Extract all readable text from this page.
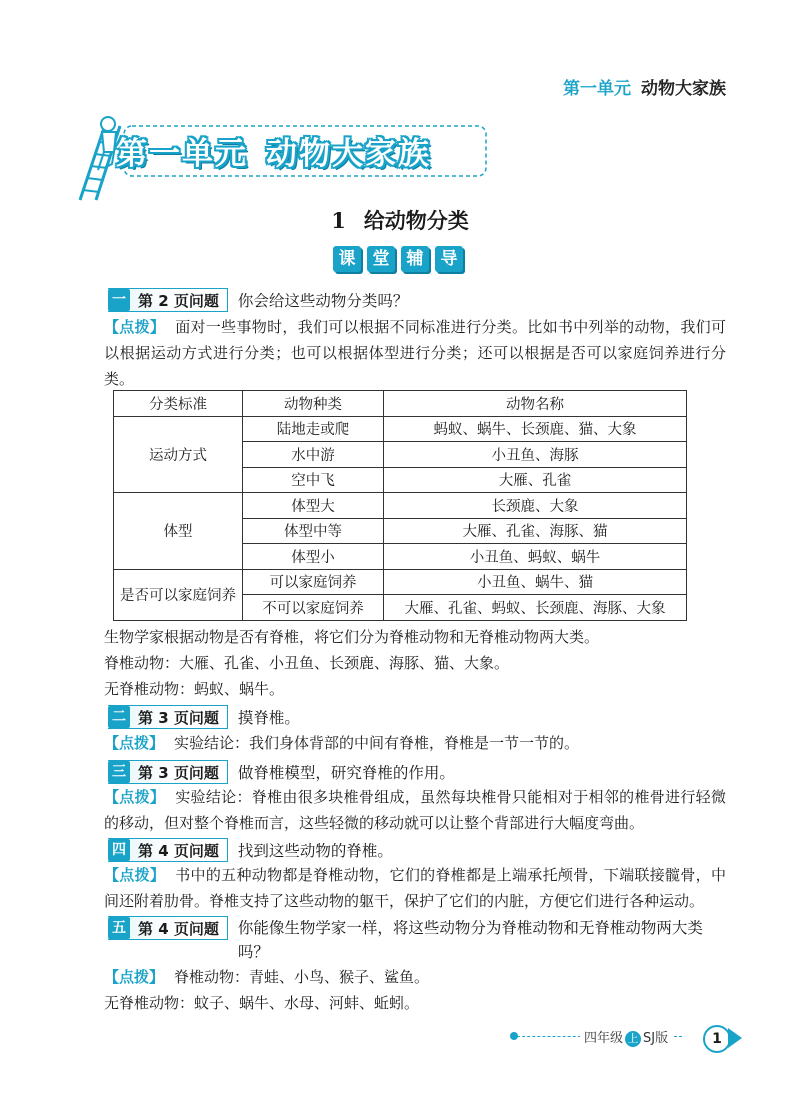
第一单元 动物大家族
第一单元 动物大家族
1 给动物分类
课	堂	辅	导
一 第 2 页问题 你会给这些动物分类吗？
【点拨】 面对一些事物时，我们可以根据不同标准进行分类。比如书中列举的动物，我们可以根据运动方式进行分类；也可以根据体型进行分类；还可以根据是否可以家庭饲养进行分类。
分类标准	动物种类	动物名称
运动方式	陆地走或爬	蚂蚁、蜗牛、长颈鹿、猫、大象
	水中游	小丑鱼、海豚
	空中飞	大雁、孔雀
体型	体型大	长颈鹿、大象
	体型中等	大雁、孔雀、海豚、猫
	体型小	小丑鱼、蚂蚁、蜗牛
是否可以家庭饲养	可以家庭饲养	小丑鱼、蜗牛、猫
	不可以家庭饲养	大雁、孔雀、蚂蚁、长颈鹿、海豚、大象
生物学家根据动物是否有脊椎，将它们分为脊椎动物和无脊椎动物两大类。
脊椎动物：大雁、孔雀、小丑鱼、长颈鹿、海豚、猫、大象。
无脊椎动物：蚂蚁、蜗牛。
二 第 3 页问题 摸脊椎。
【点拨】 实验结论：我们身体背部的中间有脊椎，脊椎是一节一节的。
三 第 3 页问题 做脊椎模型，研究脊椎的作用。
【点拨】 实验结论：脊椎由很多块椎骨组成，虽然每块椎骨只能相对于相邻的椎骨进行轻微的移动，但对整个脊椎而言，这些轻微的移动就可以让整个背部进行大幅度弯曲。
四 第 4 页问题 找到这些动物的脊椎。
【点拨】 书中的五种动物都是脊椎动物，它们的脊椎都是上端承托颅骨，下端联接髋骨，中间还附着肋骨。脊椎支持了这些动物的躯干，保护了它们的内脏，方便它们进行各种运动。
五 第 4 页问题 你能像生物学家一样，将这些动物分为脊椎动物和无脊椎动物两大类吗？
【点拨】 脊椎动物：青蛙、小鸟、猴子、鲨鱼。
无脊椎动物：蚊子、蜗牛、水母、河蚌、蚯蚓。
四年级 上 SJ版	1
